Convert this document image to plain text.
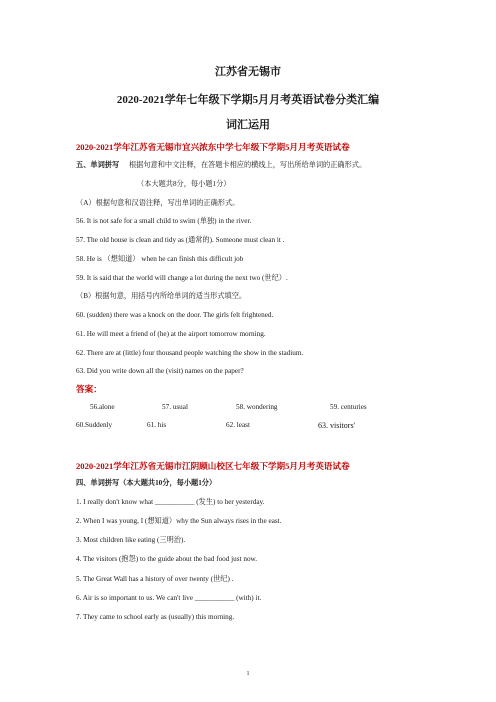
江苏省无锡市
2020-2021学年七年级下学期5月月考英语试卷分类汇编
词汇运用
2020-2021学年江苏省无锡市宜兴浓东中学七年级下学期5月月考英语试卷
五、单词拼写 根据句意和中文注释，在答题卡相应的横线上，写出所给单词的正确形式。
（本大题共8分，每小题1分）
（A）根据句意和汉语注释，写出单词的正确形式。
56. It is not safe for a small child to swim (单独) in the river.
57. The old house is clean and tidy as (通常的). Someone must clean it .
58. He is （想知道） when he can finish this difficult job
59. It is said that the world will change a lot during the next two (世纪）.
（B）根据句意，用括号内所给单词的适当形式填空。
60. (sudden) there was a knock on the door. The girls felt frightened.
61. He will meet a friend of (he) at the airport tomorrow morning.
62. There are at (little) four thousand people watching the show in the stadium.
63. Did you write down all the (visit) names on the paper?
答案：
56.alone	57. usual	58. wondering	59. centuries
60.Suddenly	61. his	62. least	63. visitors'
2020-2021学年江苏省无锡市江阴顾山校区七年级下学期5月月考英语试卷
四、单词拼写（本大题共10分，每小题1分）
1. I really don't know what ___________ (发生) to her yesterday.
2. When I was young, I (想知道）why the Sun always rises in the east.
3. Most children like eating (三明治).
4. The visitors (抱怨) to the guide about the bad food just now.
5. The Great Wall has a history of over twenty (世纪) .
6. Air is so important to us. We can't live ___________ (with) it.
7. They came to school early as (usually) this morning.
1
